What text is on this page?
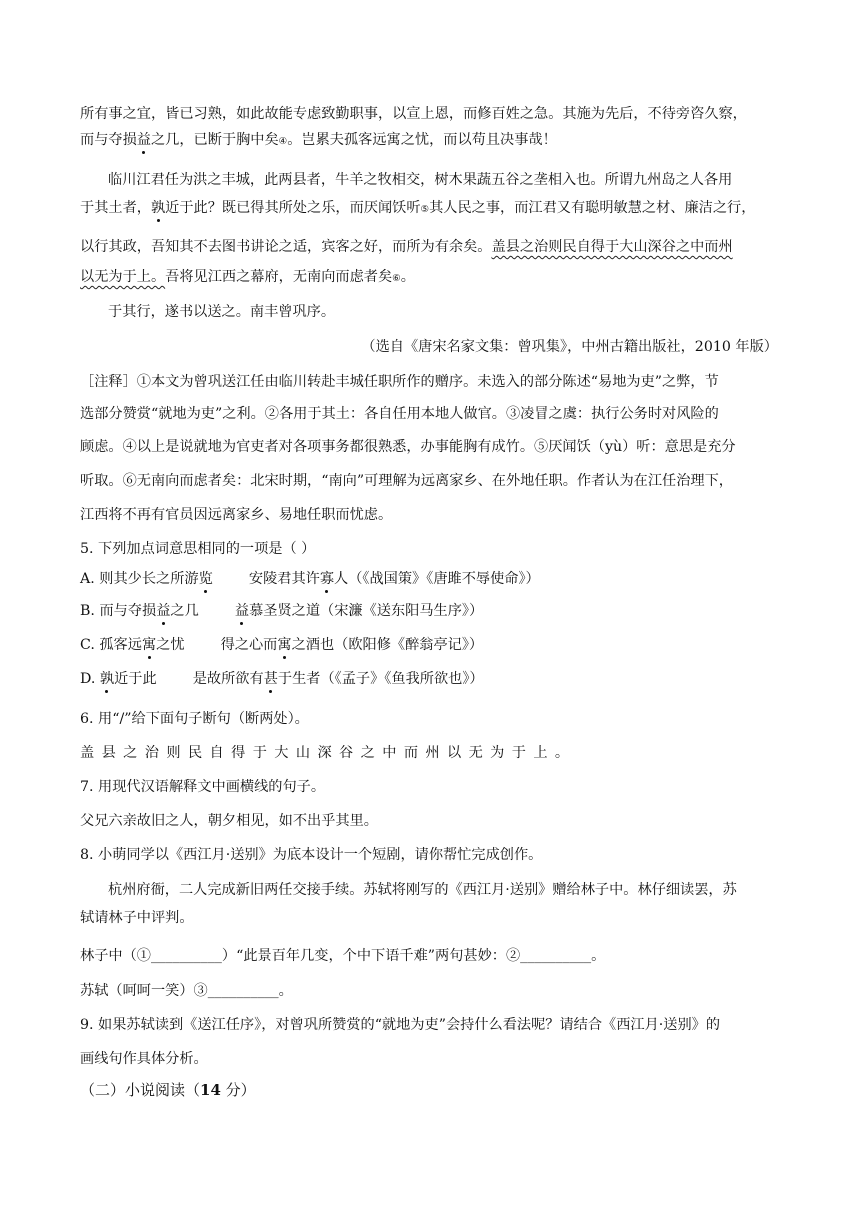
所有事之宜，皆已习熟，如此故能专虑致勤职事，以宣上恩，而修百姓之急。其施为先后，不待旁咨久察，
而与夺损益之几，已断于胸中矣④。岂累夫孤客远寓之忧，而以苟且决事哉！
临川江君任为洪之丰城，此两县者，牛羊之牧相交，树木果蔬五谷之垄相入也。所谓九州岛之人各用
于其土者，孰近于此？既已得其所处之乐，而厌闻饫听⑤其人民之事，而江君又有聪明敏慧之材、廉洁之行，
以行其政，吾知其不去图书讲论之适，宾客之好，而所为有余矣。盖县之治则民自得于大山深谷之中而州
以无为于上。吾将见江西之幕府，无南向而虑者矣⑥。
于其行，遂书以送之。南丰曾巩序。
（选自《唐宋名家文集：曾巩集》，中州古籍出版社，2010 年版）
［注释］①本文为曾巩送江任由临川转赴丰城任职所作的赠序。未选入的部分陈述“易地为吏”之弊，节
选部分赞赏“就地为吏”之利。②各用于其土：各自任用本地人做官。③凌冒之虞：执行公务时对风险的
顾虑。④以上是说就地为官吏者对各项事务都很熟悉，办事能胸有成竹。⑤厌闻饫（yù）听：意思是充分
听取。⑥无南向而虑者矣：北宋时期，“南向”可理解为远离家乡、在外地任职。作者认为在江任治理下，
江西将不再有官员因远离家乡、易地任职而忧虑。
5. 下列加点词意思相同的一项是（ ）
A. 则其少长之所游览        安陵君其许寡人（《战国策》《唐雎不辱使命》）
B. 而与夺损益之几        益慕圣贤之道（宋濂《送东阳马生序》）
C. 孤客远寓之忧        得之心而寓之酒也（欧阳修《醉翁亭记》）
D. 孰近于此        是故所欲有甚于生者（《孟子》《鱼我所欲也》）
6. 用“/”给下面句子断句（断两处）。
盖县之治则民自得于大山深谷之中而州以无为于上。
7. 用现代汉语解释文中画横线的句子。
父兄六亲故旧之人，朝夕相见，如不出乎其里。
8. 小萌同学以《西江月·送别》为底本设计一个短剧，请你帮忙完成创作。
杭州府衙，二人完成新旧两任交接手续。苏轼将刚写的《西江月·送别》赠给林子中。林仔细读罢，苏
轼请林子中评判。
林子中（①__________）“此景百年几变，个中下语千难”两句甚妙：②__________。
苏轼（呵呵一笑）③__________。
9. 如果苏轼读到《送江任序》，对曾巩所赞赏的“就地为吏”会持什么看法呢？请结合《西江月·送别》的
画线句作具体分析。
（二）小说阅读（14 分）
